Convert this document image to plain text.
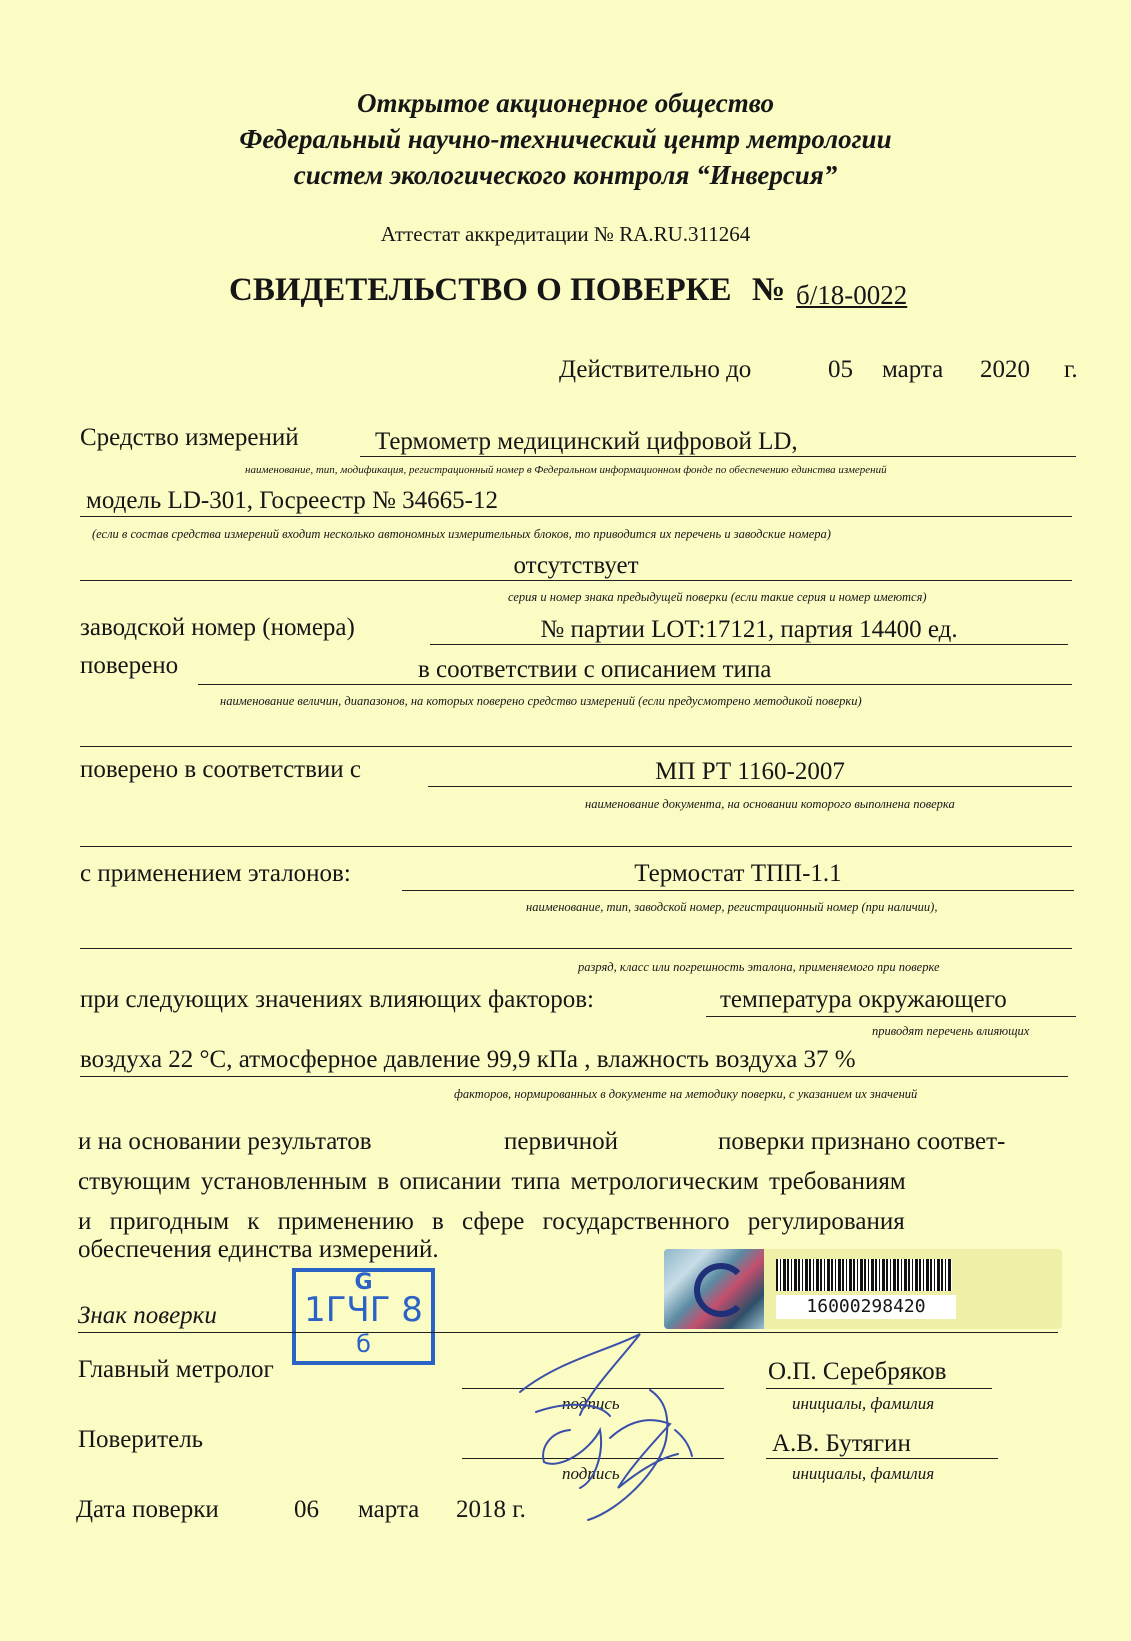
Открытое акционерное общество
Федеральный научно-технический центр метрологии
систем экологического контроля “Инверсия”
Аттестат аккредитации № RA.RU.311264
СВИДЕТЕЛЬСТВО О ПОВЕРКЕ № б/18-0022
Действительно до	05 марта 2020 г.
Средство измерений	Термометр медицинский цифровой LD,
наименование, тип, модификация, регистрационный номер в Федеральном информационном фонде по обеспечению единства измерений
модель LD-301, Госреестр № 34665-12
(если в состав средства измерений входит несколько автономных измерительных блоков, то приводится их перечень и заводские номера)
отсутствует
серия и номер знака предыдущей поверки (если такие серия и номер имеются)
заводской номер (номера)	№ партии LOT:17121, партия 14400 ед.
поверено	в соответствии с описанием типа
наименование величин, диапазонов, на которых поверено средство измерений (если предусмотрено методикой поверки)
поверено в соответствии с	МП РТ 1160-2007
наименование документа, на основании которого выполнена поверка
с применением эталонов:	Термостат ТПП-1.1
наименование, тип, заводской номер, регистрационный номер (при наличии),
разряд, класс или погрешность эталона, применяемого при поверке
при следующих значениях влияющих факторов:	температура окружающего
приводят перечень влияющих
воздуха 22 °С, атмосферное давление 99,9 кПа , влажность воздуха 37 %
факторов, нормированных в документе на методику поверки, с указанием их значений
и на основании результатов	первичной	поверки признано соответ-
ствующим установленным в описании типа метрологическим требованиям
и пригодным к применению в сфере государственного регулирования
обеспечения единства измерений.
16000298420
G
1ГЧГ 8
б
Знак поверки
Главный метролог
подпись
О.П. Серебряков
инициалы, фамилия
Поверитель
подпись
А.В. Бутягин
инициалы, фамилия
Дата поверки	06 марта 2018 г.
